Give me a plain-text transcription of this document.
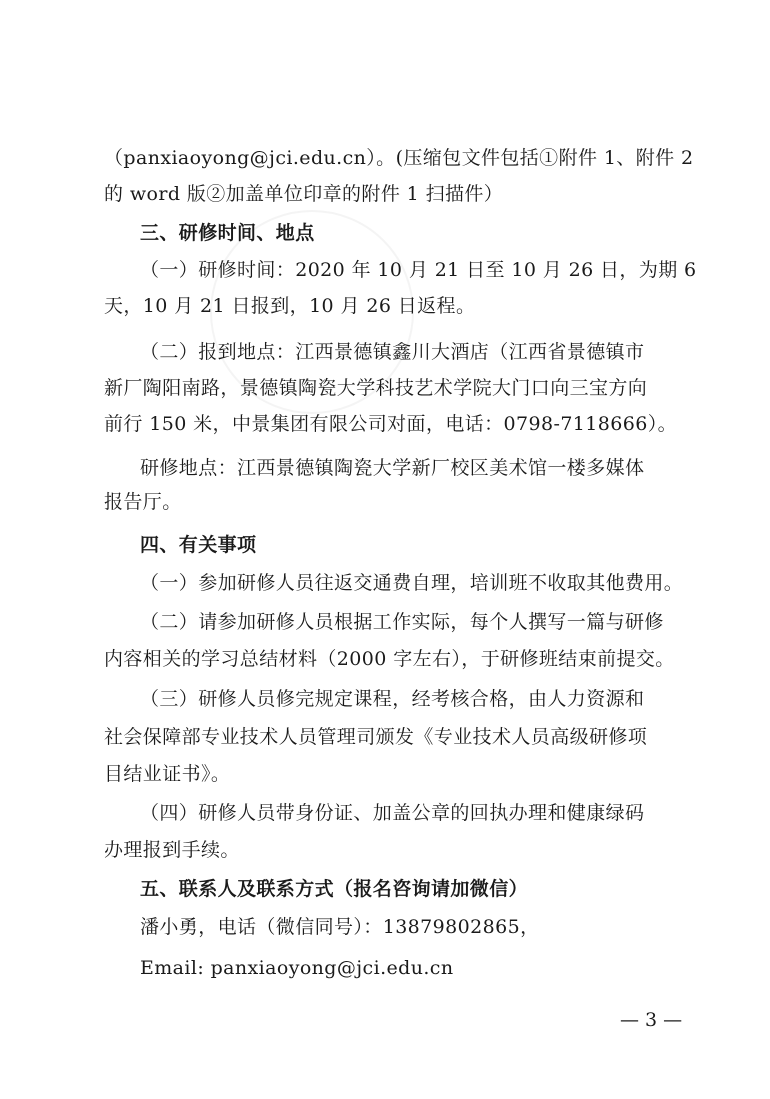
（panxiaoyong@jci.edu.cn）。(压缩包文件包括①附件 1、附件 2
的 word 版②加盖单位印章的附件 1 扫描件）
三、研修时间、地点
（一）研修时间：2020 年 10 月 21 日至 10 月 26 日，为期 6
天，10 月 21 日报到，10 月 26 日返程。
（二）报到地点：江西景德镇鑫川大酒店（江西省景德镇市
新厂陶阳南路，景德镇陶瓷大学科技艺术学院大门口向三宝方向
前行 150 米，中景集团有限公司对面，电话：0798-7118666）。
研修地点：江西景德镇陶瓷大学新厂校区美术馆一楼多媒体
报告厅。
四、有关事项
（一）参加研修人员往返交通费自理，培训班不收取其他费用。
（二）请参加研修人员根据工作实际，每个人撰写一篇与研修
内容相关的学习总结材料（2000 字左右），于研修班结束前提交。
（三）研修人员修完规定课程，经考核合格，由人力资源和
社会保障部专业技术人员管理司颁发《专业技术人员高级研修项
目结业证书》。
（四）研修人员带身份证、加盖公章的回执办理和健康绿码
办理报到手续。
五、联系人及联系方式（报名咨询请加微信）
潘小勇，电话（微信同号）：13879802865，
Email: panxiaoyong@jci.edu.cn
— 3 —
